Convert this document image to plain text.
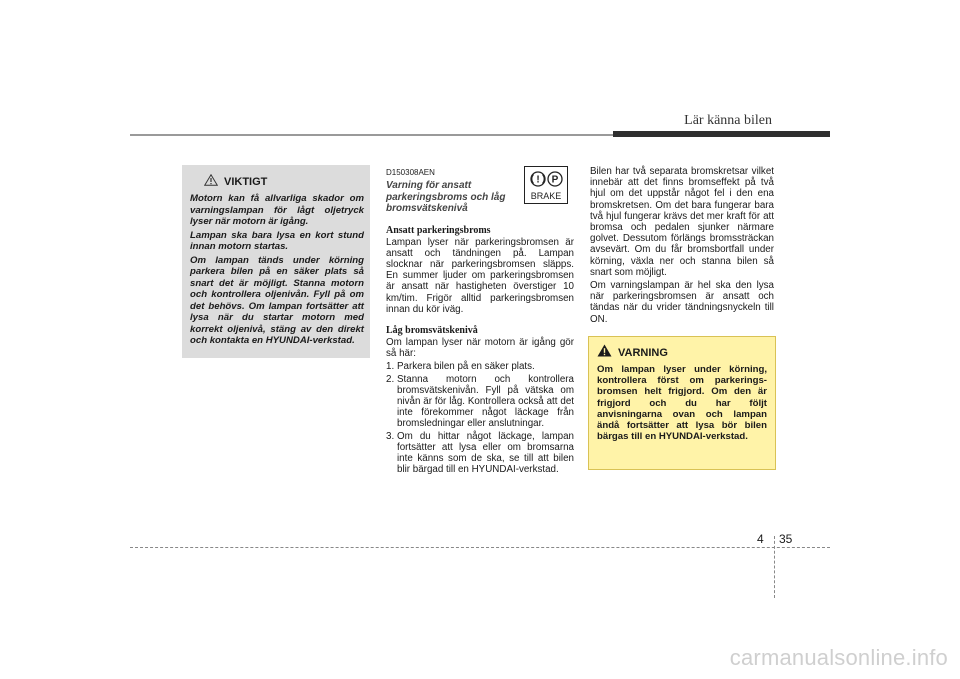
Lär känna bilen
VIKTIGT

Motorn kan få allvarliga skador om varningslampan för lågt oljetryck lyser när motorn är igång.

Lampan ska bara lysa en kort stund innan motorn startas.

Om lampan tänds under körning parkera bilen på en säker plats så snart det är möjligt. Stanna motorn och kontrollera oljenivån. Fyll på om det behövs. Om lampan fortsätter att lysa när du startar motorn med korrekt oljenivå, stäng av den direkt och kontakta en HYUNDAI-verkstad.

D150308AEN
Varning för ansatt parkeringsbroms och låg bromsvätskenivå
! P
BRAKE
Ansatt parkeringsbroms

Lampan lyser när parkeringsbromsen är ansatt och tändningen på. Lampan slocknar när parkeringsbromsen släpps. En summer ljuder om parkeringsbromsen är ansatt när hastigheten överstiger 10 km/tim. Frigör alltid parkeringsbromsen innan du kör iväg.

Låg bromsvätskenivå

Om lampan lyser när motorn är igång gör så här:

1. Parkera bilen på en säker plats.
2. Stanna motorn och kontrollera bromsvätskenivån. Fyll på vätska om nivån är för låg. Kontrollera också att det inte förekommer något läckage från bromsledningar eller anslutningar.
3. Om du hittar något läckage, lampan fortsätter att lysa eller om bromsarna inte känns som de ska, se till att bilen blir bärgad till en HYUNDAI-verkstad.

Bilen har två separata bromskretsar vilket innebär att det finns bromseffekt på två hjul om det uppstår något fel i den ena bromskretsen. Om det bara fungerar bara två hjul fungerar krävs det mer kraft för att bromsa och pedalen sjunker närmare golvet. Dessutom förlängs bromssträckan avsevärt. Om du får bromsbortfall under körning, växla ner och stanna bilen så snart som möjligt.

Om varningslampan är hel ska den lysa när parkeringsbromsen är ansatt och tändas när du vrider tändningsnyckeln till ON.

VARNING

Om lampan lyser under körning, kontrollera först om parkerings-bromsen helt frigjord. Om den är frigjord och du har följt anvisningarna ovan och lampan ändå fortsätter att lysa bör bilen bärgas till en HYUNDAI-verkstad.

4 35
carmanualsonline.info
